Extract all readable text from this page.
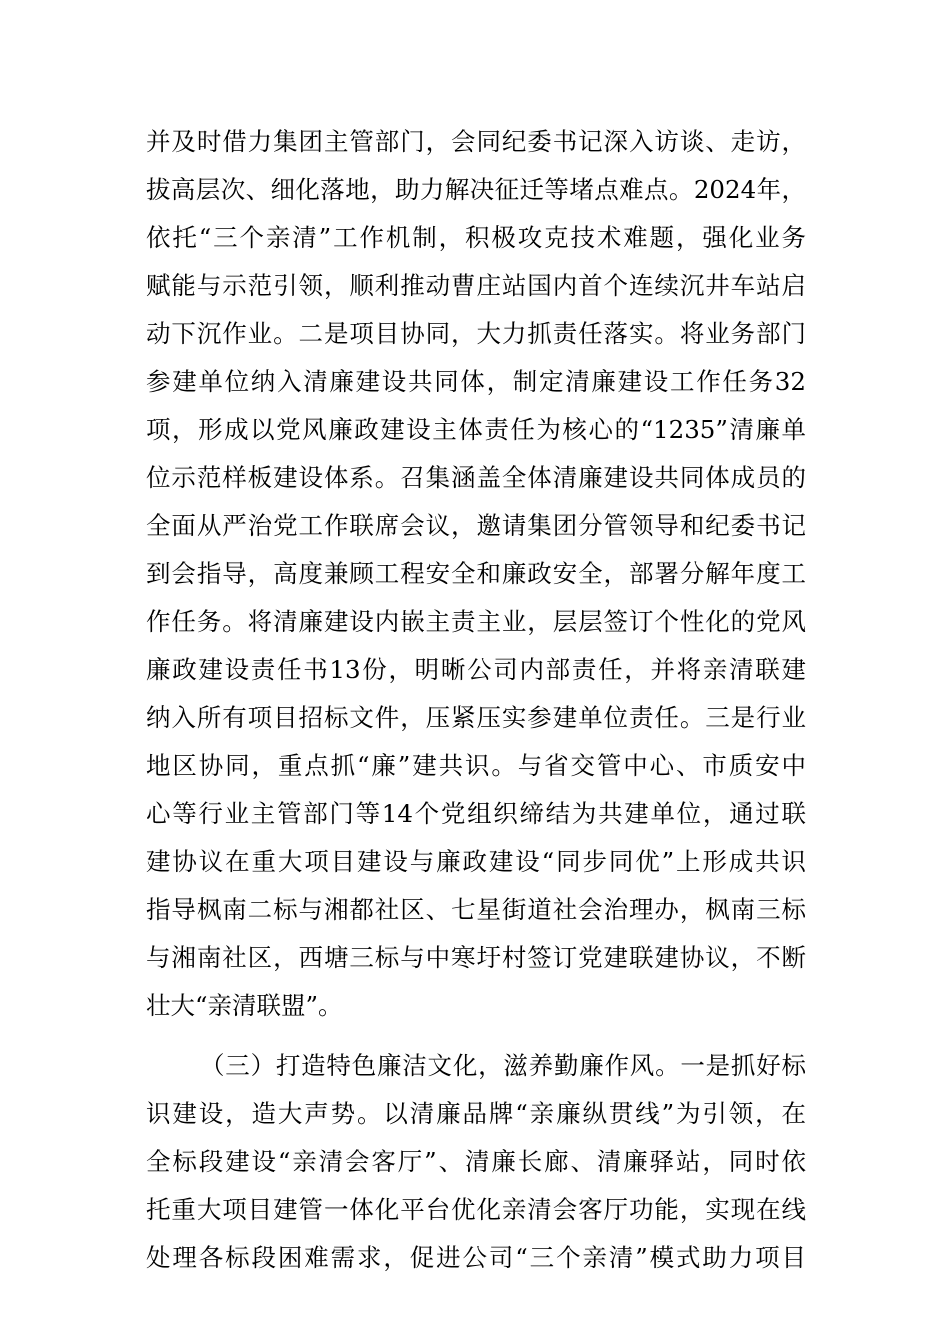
并及时借力集团主管部门，会同纪委书记深入访谈、走访，
拔高层次、细化落地，助力解决征迁等堵点难点。2024年，
依托“三个亲清”工作机制，积极攻克技术难题，强化业务
赋能与示范引领，顺利推动曹庄站国内首个连续沉井车站启
动下沉作业。二是项目协同，大力抓责任落实。将业务部门
参建单位纳入清廉建设共同体，制定清廉建设工作任务32
项，形成以党风廉政建设主体责任为核心的“1235”清廉单
位示范样板建设体系。召集涵盖全体清廉建设共同体成员的
全面从严治党工作联席会议，邀请集团分管领导和纪委书记
到会指导，高度兼顾工程安全和廉政安全，部署分解年度工
作任务。将清廉建设内嵌主责主业，层层签订个性化的党风
廉政建设责任书13份，明晰公司内部责任，并将亲清联建
纳入所有项目招标文件，压紧压实参建单位责任。三是行业
地区协同，重点抓“廉”建共识。与省交管中心、市质安中
心等行业主管部门等14个党组织缔结为共建单位，通过联
建协议在重大项目建设与廉政建设“同步同优”上形成共识
指导枫南二标与湘都社区、七星街道社会治理办，枫南三标
与湘南社区，西塘三标与中寒圩村签订党建联建协议，不断
壮大“亲清联盟”。
（三）打造特色廉洁文化，滋养勤廉作风。一是抓好标
识建设，造大声势。以清廉品牌“亲廉纵贯线”为引领，在
全标段建设“亲清会客厅”、清廉长廊、清廉驿站，同时依
托重大项目建管一体化平台优化亲清会客厅功能，实现在线
处理各标段困难需求，促进公司“三个亲清”模式助力项目
